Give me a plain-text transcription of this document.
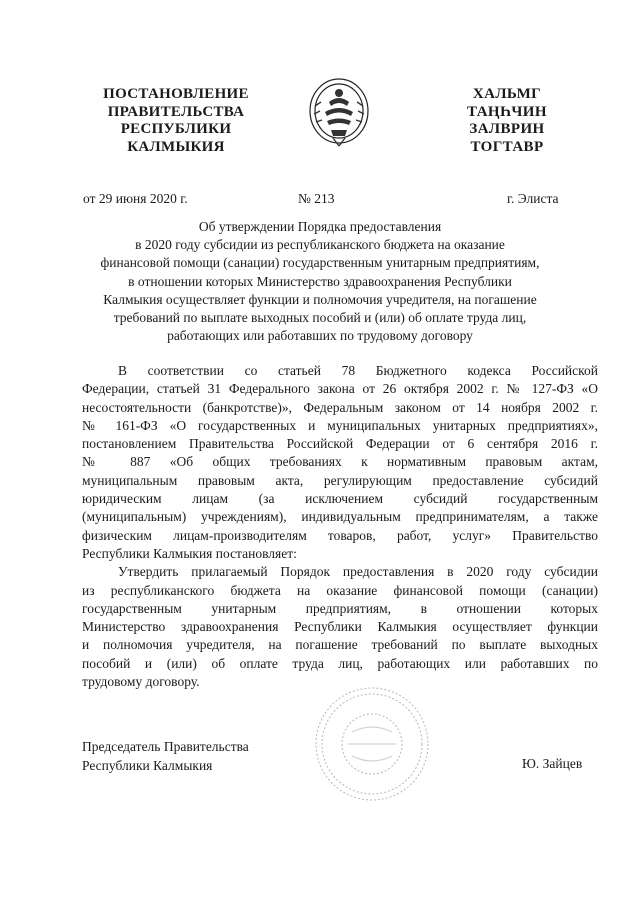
ПОСТАНОВЛЕНИЕ
ПРАВИТЕЛЬСТВА
РЕСПУБЛИКИ
КАЛМЫКИЯ
ХАЛЬМГ
ТАҢҺЧИН
ЗАЛВРИН
ТОГТАВР
от 29 июня 2020 г.	№ 213	г. Элиста
Об утверждении Порядка предоставления
в 2020 году субсидии из республиканского бюджета на оказание
финансовой помощи (санации) государственным унитарным предприятиям,
в отношении которых Министерство здравоохранения Республики
Калмыкия осуществляет функции и полномочия учредителя, на погашение
требований по выплате выходных пособий и (или) об оплате труда лиц,
работающих или работавших по трудовому договору
В соответствии со статьей 78 Бюджетного кодекса Российской
Федерации, статьей 31 Федерального закона от 26 октября 2002 г. № 127-ФЗ «О
несостоятельности (банкротстве)», Федеральным законом от 14 ноября 2002 г.
№ 161-ФЗ «О государственных и муниципальных унитарных предприятиях»,
постановлением Правительства Российской Федерации от 6 сентября 2016 г.
№ 887 «Об общих требованиях к нормативным правовым актам,
муниципальным правовым акта, регулирующим предоставление субсидий
юридическим лицам (за исключением субсидий государственным
(муниципальным) учреждениям), индивидуальным предпринимателям, а также
физическим лицам-производителям товаров, работ, услуг» Правительство
Республики Калмыкия постановляет:
Утвердить прилагаемый Порядок предоставления в 2020 году субсидии
из республиканского бюджета на оказание финансовой помощи (санации)
государственным унитарным предприятиям, в отношении которых
Министерство здравоохранения Республики Калмыкия осуществляет функции
и полномочия учредителя, на погашение требований по выплате выходных
пособий и (или) об оплате труда лиц, работающих или работавших по
трудовому договору.
Председатель Правительства
Республики Калмыкия	Ю. Зайцев
